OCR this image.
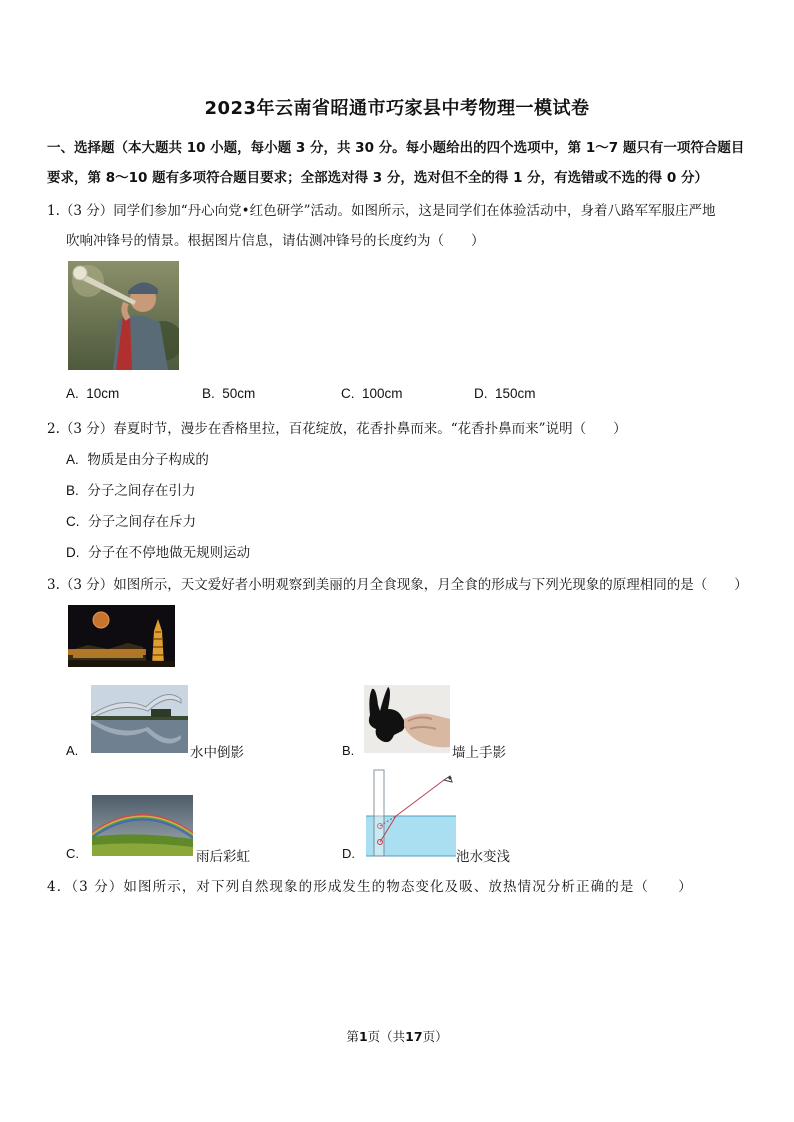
2023年云南省昭通市巧家县中考物理一模试卷
一、选择题（本大题共 10 小题，每小题 3 分，共 30 分。每小题给出的四个选项中，第 1～7 题只有一项符合题目
要求，第 8～10 题有多项符合题目要求；全部选对得 3 分，选对但不全的得 1 分，有选错或不选的得 0 分）
1.（3 分）同学们参加“丹心向党•红色研学”活动。如图所示，这是同学们在体验活动中，身着八路军军服庄严地
吹响冲锋号的情景。根据图片信息，请估测冲锋号的长度约为（　　）
A. 10cm	B. 50cm	C. 100cm	D. 150cm
2.（3 分）春夏时节，漫步在香格里拉，百花绽放，花香扑鼻而来。“花香扑鼻而来”说明（　　）
A. 物质是由分子构成的
B. 分子之间存在引力
C. 分子之间存在斥力
D. 分子在不停地做无规则运动
3.（3 分）如图所示，天文爱好者小明观察到美丽的月全食现象，月全食的形成与下列光现象的原理相同的是（　　）
A.	水中倒影	B.	墙上手影
C.	雨后彩虹	D.	池水变浅
4．（3 分）如图所示，对下列自然现象的形成发生的物态变化及吸、放热情况分析正确的是（　　）
第1页（共17页）
